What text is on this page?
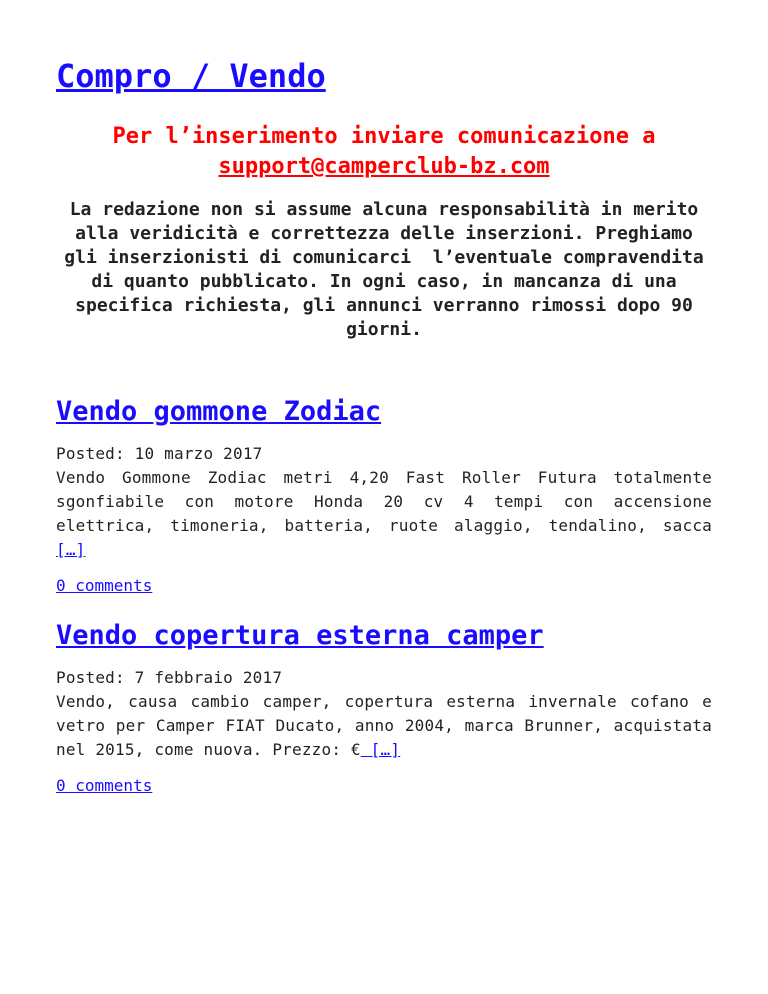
Compro / Vendo
Per l’inserimento inviare comunicazione a
support@camperclub-bz.com
La redazione non si assume alcuna responsabilità in merito alla veridicità e correttezza delle inserzioni. Preghiamo gli inserzionisti di comunicarci  l’eventuale compravendita di quanto pubblicato. In ogni caso, in mancanza di una specifica richiesta, gli annunci verranno rimossi dopo 90 giorni.
Vendo gommone Zodiac
Posted: 10 marzo 2017
Vendo Gommone Zodiac metri 4,20 Fast Roller Futura totalmente sgonfiabile con motore Honda 20 cv 4 tempi con accensione elettrica, timoneria, batteria, ruote alaggio, tendalino, sacca […]
0 comments
Vendo copertura esterna camper
Posted: 7 febbraio 2017
Vendo, causa cambio camper, copertura esterna invernale cofano e vetro per Camper FIAT Ducato, anno 2004, marca Brunner, acquistata nel 2015, come nuova. Prezzo: € […]
0 comments
